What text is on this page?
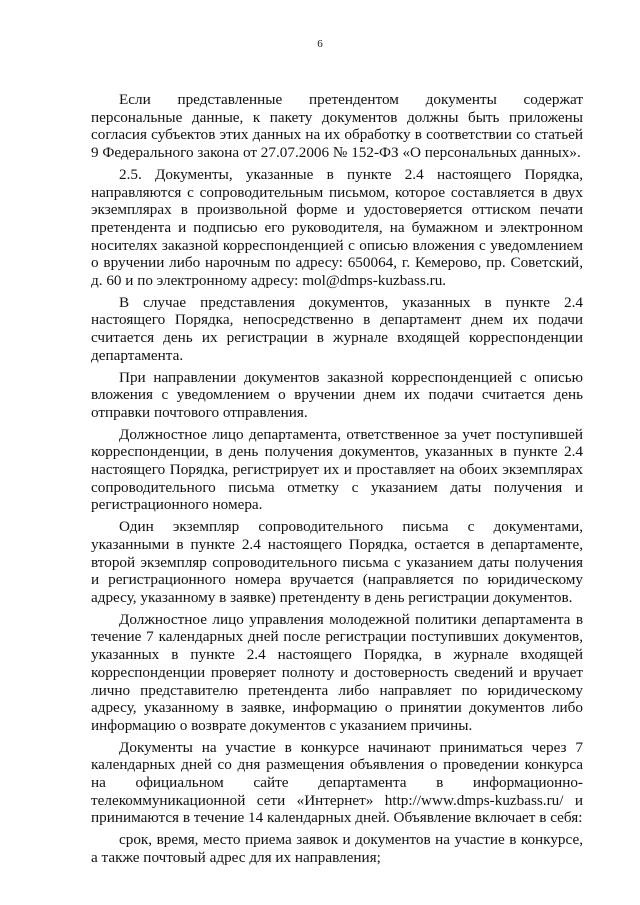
6

Если представленные претендентом документы содержат персональные данные, к пакету документов должны быть приложены согласия субъектов этих данных на их обработку в соответствии со статьей 9 Федерального закона от 27.07.2006 № 152-ФЗ «О персональных данных».

2.5. Документы, указанные в пункте 2.4 настоящего Порядка, направляются с сопроводительным письмом, которое составляется в двух экземплярах в произвольной форме и удостоверяется оттиском печати претендента и подписью его руководителя, на бумажном и электронном носителях заказной корреспонденцией с описью вложения с уведомлением о вручении либо нарочным по адресу: 650064, г. Кемерово, пр. Советский, д. 60 и по электронному адресу: mol@dmps-kuzbass.ru.

В случае представления документов, указанных в пункте 2.4 настоящего Порядка, непосредственно в департамент днем их подачи считается день их регистрации в журнале входящей корреспонденции департамента.

При направлении документов заказной корреспонденцией с описью вложения с уведомлением о вручении днем их подачи считается день отправки почтового отправления.

Должностное лицо департамента, ответственное за учет поступившей корреспонденции, в день получения документов, указанных в пункте 2.4 настоящего Порядка, регистрирует их и проставляет на обоих экземплярах сопроводительного письма отметку с указанием даты получения и регистрационного номера.

Один экземпляр сопроводительного письма с документами, указанными в пункте 2.4 настоящего Порядка, остается в департаменте, второй экземпляр сопроводительного письма с указанием даты получения и регистрационного номера вручается (направляется по юридическому адресу, указанному в заявке) претенденту в день регистрации документов.

Должностное лицо управления молодежной политики департамента в течение 7 календарных дней после регистрации поступивших документов, указанных в пункте 2.4 настоящего Порядка, в журнале входящей корреспонденции проверяет полноту и достоверность сведений и вручает лично представителю претендента либо направляет по юридическому адресу, указанному в заявке, информацию о принятии документов либо информацию о возврате документов с указанием причины.

Документы на участие в конкурсе начинают приниматься через 7 календарных дней со дня размещения объявления о проведении конкурса на официальном сайте департамента в информационно-телекоммуникационной сети «Интернет» http://www.dmps-kuzbass.ru/ и принимаются в течение 14 календарных дней. Объявление включает в себя:

срок, время, место приема заявок и документов на участие в конкурсе, а также почтовый адрес для их направления;
